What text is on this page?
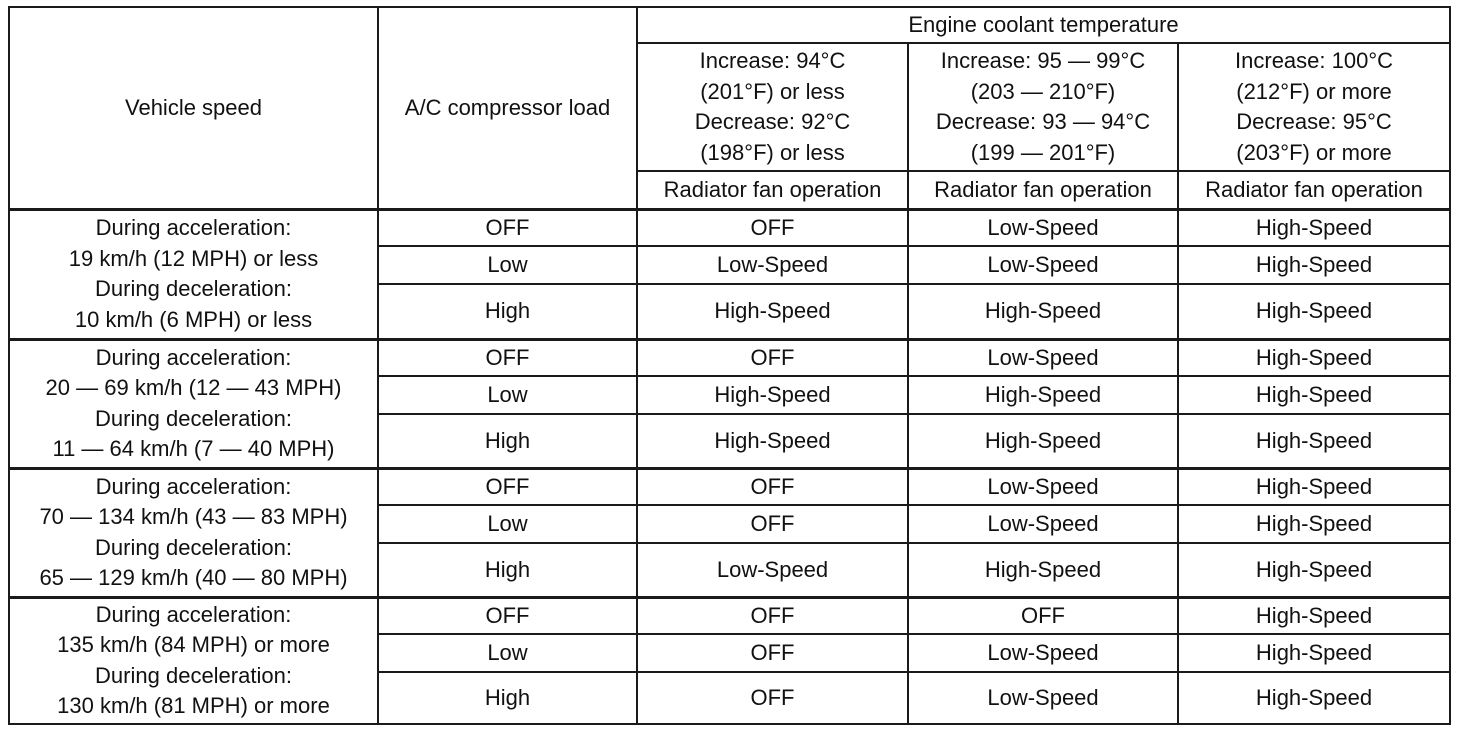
Vehicle speed	A/C compressor load	Engine coolant temperature		

		Increase: 94°C
(201°F) or less
Decrease: 92°C
(198°F) or less	Increase: 95 — 99°C
(203 — 210°F)
Decrease: 93 — 94°C
(199 — 201°F)	Increase: 100°C
(212°F) or more
Decrease: 95°C
(203°F) or more

		Radiator fan operation	Radiator fan operation	Radiator fan operation

During acceleration:
19 km/h (12 MPH) or less
During deceleration:
10 km/h (6 MPH) or less	OFF	OFF	Low-Speed	High-Speed
	Low	Low-Speed	Low-Speed	High-Speed
	High	High-Speed	High-Speed	High-Speed

During acceleration:
20 — 69 km/h (12 — 43 MPH)
During deceleration:
11 — 64 km/h (7 — 40 MPH)	OFF	OFF	Low-Speed	High-Speed
	Low	High-Speed	High-Speed	High-Speed
	High	High-Speed	High-Speed	High-Speed

During acceleration:
70 — 134 km/h (43 — 83 MPH)
During deceleration:
65 — 129 km/h (40 — 80 MPH)	OFF	OFF	Low-Speed	High-Speed
	Low	OFF	Low-Speed	High-Speed
	High	Low-Speed	High-Speed	High-Speed

During acceleration:
135 km/h (84 MPH) or more
During deceleration:
130 km/h (81 MPH) or more	OFF	OFF	OFF	High-Speed
	Low	OFF	Low-Speed	High-Speed
	High	OFF	Low-Speed	High-Speed
